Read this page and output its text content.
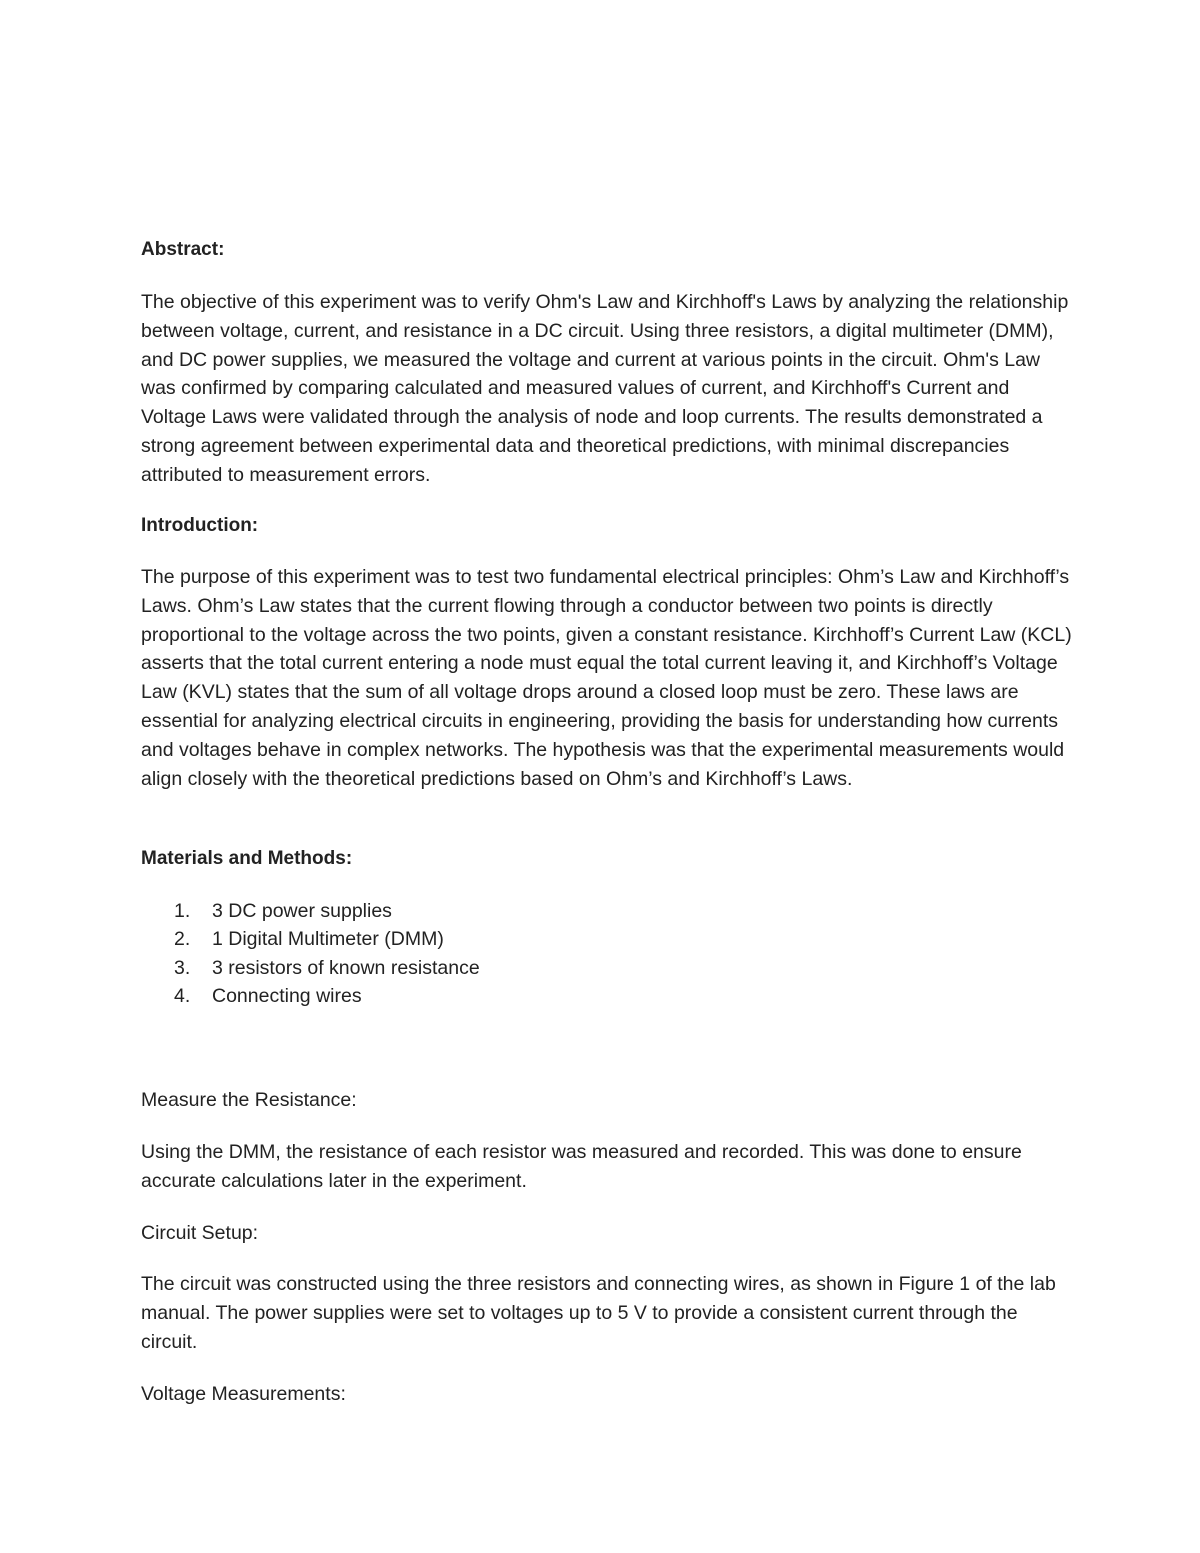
Abstract:

The objective of this experiment was to verify Ohm's Law and Kirchhoff's Laws by analyzing the relationship between voltage, current, and resistance in a DC circuit. Using three resistors, a digital multimeter (DMM), and DC power supplies, we measured the voltage and current at various points in the circuit. Ohm's Law was confirmed by comparing calculated and measured values of current, and Kirchhoff's Current and Voltage Laws were validated through the analysis of node and loop currents. The results demonstrated a strong agreement between experimental data and theoretical predictions, with minimal discrepancies attributed to measurement errors.

Introduction:

The purpose of this experiment was to test two fundamental electrical principles: Ohm’s Law and Kirchhoff’s Laws. Ohm’s Law states that the current flowing through a conductor between two points is directly proportional to the voltage across the two points, given a constant resistance. Kirchhoff’s Current Law (KCL) asserts that the total current entering a node must equal the total current leaving it, and Kirchhoff’s Voltage Law (KVL) states that the sum of all voltage drops around a closed loop must be zero. These laws are essential for analyzing electrical circuits in engineering, providing the basis for understanding how currents and voltages behave in complex networks. The hypothesis was that the experimental measurements would align closely with the theoretical predictions based on Ohm’s and Kirchhoff’s Laws.

Materials and Methods:
1.	3 DC power supplies
2.	1 Digital Multimeter (DMM)
3.	3 resistors of known resistance
4.	Connecting wires

Measure the Resistance:

Using the DMM, the resistance of each resistor was measured and recorded. This was done to ensure accurate calculations later in the experiment.

Circuit Setup:

The circuit was constructed using the three resistors and connecting wires, as shown in Figure 1 of the lab manual. The power supplies were set to voltages up to 5 V to provide a consistent current through the circuit.

Voltage Measurements:
